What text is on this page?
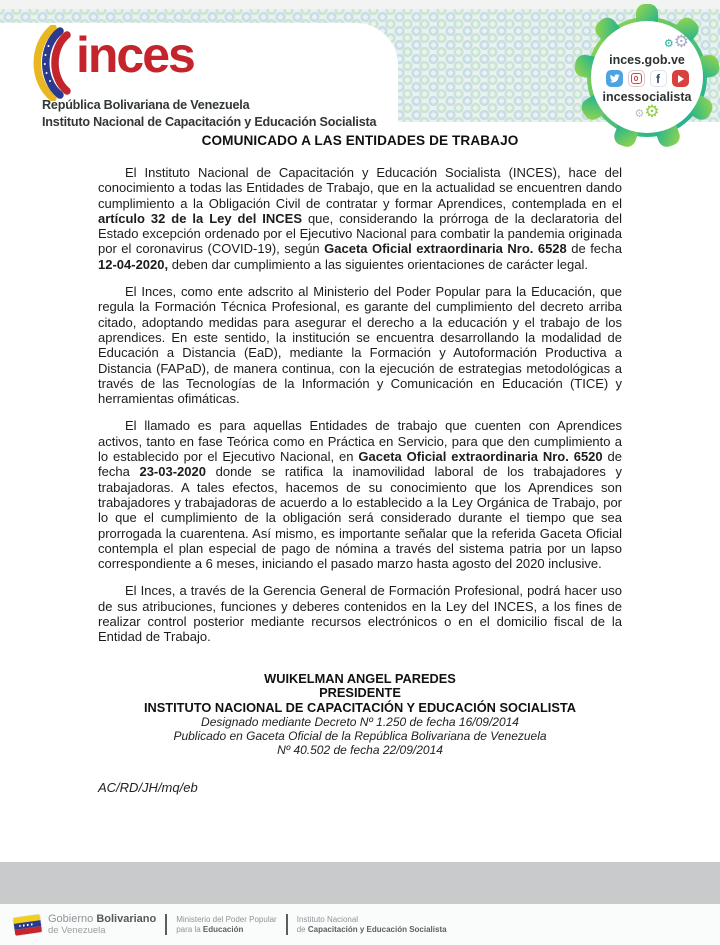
inces
República Bolivariana de Venezuela
Instituto Nacional de Capacitación y Educación Socialista
⚙⚙
inces.gob.ve
f
incessocialista
⚙⚙
COMUNICADO A LAS ENTIDADES DE TRABAJO

El Instituto Nacional de Capacitación y Educación Socialista (INCES), hace del conocimiento a todas las Entidades de Trabajo, que en la actualidad se encuentren dando cumplimiento a la Obligación Civil de contratar y formar Aprendices, contemplada en el artículo 32 de la Ley del INCES que, considerando la prórroga de la declaratoria del Estado excepción ordenado por el Ejecutivo Nacional para combatir la pandemia originada por el coronavirus (COVID-19), según Gaceta Oficial extraordinaria Nro. 6528 de fecha 12-04-2020, deben dar cumplimiento a las siguientes orientaciones de carácter legal.

El Inces, como ente adscrito al Ministerio del Poder Popular para la Educación, que regula la Formación Técnica Profesional, es garante del cumplimiento del decreto arriba citado, adoptando medidas para asegurar el derecho a la educación y el trabajo de los aprendices. En este sentido, la institución se encuentra desarrollando la modalidad de Educación a Distancia (EaD), mediante la Formación y Autoformación Productiva a Distancia (FAPaD), de manera continua, con la ejecución de estrategias metodológicas a través de las Tecnologías de la Información y Comunicación en Educación (TICE) y herramientas ofimáticas.

El llamado es para aquellas Entidades de trabajo que cuenten con Aprendices activos, tanto en fase Teórica como en Práctica en Servicio, para que den cumplimiento a lo establecido por el Ejecutivo Nacional, en Gaceta Oficial extraordinaria Nro. 6520 de fecha 23-03-2020 donde se ratifica la inamovilidad laboral de los trabajadores y trabajadoras. A tales efectos, hacemos de su conocimiento que los Aprendices son trabajadores y trabajadoras de acuerdo a lo establecido a la Ley Orgánica de Trabajo, por lo que el cumplimiento de la obligación será considerado durante el tiempo que sea prorrogada la cuarentena. Así mismo, es importante señalar que la referida Gaceta Oficial contempla el plan especial de pago de nómina a través del sistema patria por un lapso correspondiente a 6 meses, iniciando el pasado marzo hasta agosto del 2020 inclusive.

El Inces, a través de la Gerencia General de Formación Profesional, podrá hacer uso de sus atribuciones, funciones y deberes contenidos en la Ley del INCES, a los fines de realizar control posterior mediante recursos electrónicos o en el domicilio fiscal de la Entidad de Trabajo.

WUIKELMAN ANGEL PAREDES
PRESIDENTE
INSTITUTO NACIONAL DE CAPACITACIÓN Y EDUCACIÓN SOCIALISTA
Designado mediante Decreto Nº 1.250 de fecha 16/09/2014
Publicado en Gaceta Oficial de la República Bolivariana de Venezuela
Nº 40.502 de fecha 22/09/2014
AC/RD/JH/mq/eb
Gobierno Bolivariano
de Venezuela
Ministerio del Poder Popular
para la Educación
Instituto Nacional
de Capacitación y Educación Socialista
